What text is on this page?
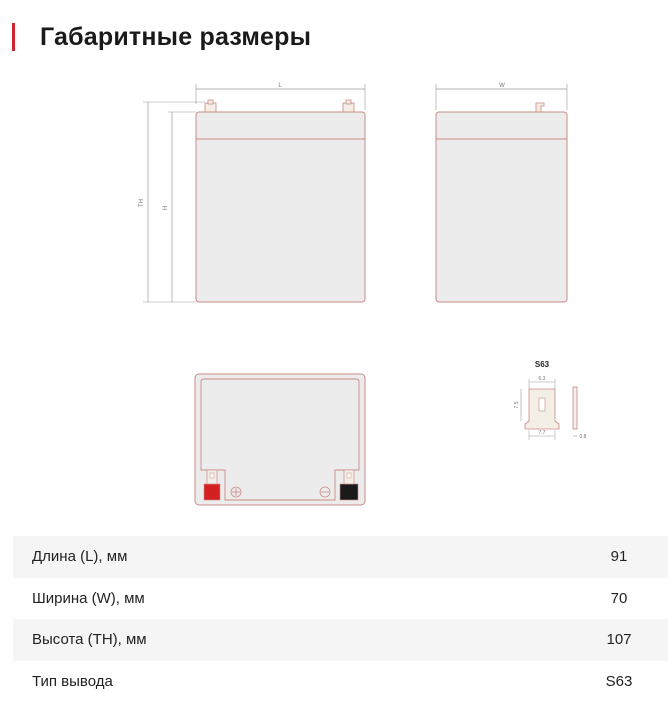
Габаритные размеры
L
TH
H
W
S63
6.3
7.5
7.7
0.8
Длина (L), мм	91
Ширина (W), мм	70
Высота (TH), мм	107
Тип вывода	S63
